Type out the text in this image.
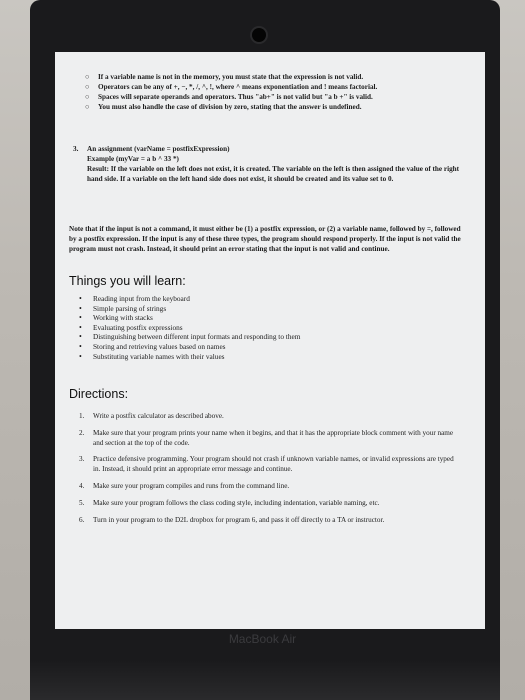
○ If a variable name is not in the memory, you must state that the expression is not valid.
○ Operators can be any of +, −, *, /, ^, !, where ^ means exponentiation and ! means factorial.
○ Spaces will separate operands and operators. Thus "ab+" is not valid but "a b +" is valid.
○ You must also handle the case of division by zero, stating that the answer is undefined.
3. An assignment (varName = postfixExpression)
Example (myVar = a b ^ 33 *)
Result: If the variable on the left does not exist, it is created. The variable on the left is then assigned the value of the right hand side. If a variable on the left hand side does not exist, it should be created and its value set to 0.
Note that if the input is not a command, it must either be (1) a postfix expression, or (2) a variable name, followed by =, followed by a postfix expression. If the input is any of these three types, the program should respond properly. If the input is not valid the program must not crash. Instead, it should print an error stating that the input is not valid and continue.
Things you will learn:
• Reading input from the keyboard
• Simple parsing of strings
• Working with stacks
• Evaluating postfix expressions
• Distinguishing between different input formats and responding to them
• Storing and retrieving values based on names
• Substituting variable names with their values
Directions:
1. Write a postfix calculator as described above.
2. Make sure that your program prints your name when it begins, and that it has the appropriate block comment with your name and section at the top of the code.
3. Practice defensive programming. Your program should not crash if unknown variable names, or invalid expressions are typed in. Instead, it should print an appropriate error message and continue.
4. Make sure your program compiles and runs from the command line.
5. Make sure your program follows the class coding style, including indentation, variable naming, etc.
6. Turn in your program to the D2L dropbox for program 6, and pass it off directly to a TA or instructor.
MacBook Air
